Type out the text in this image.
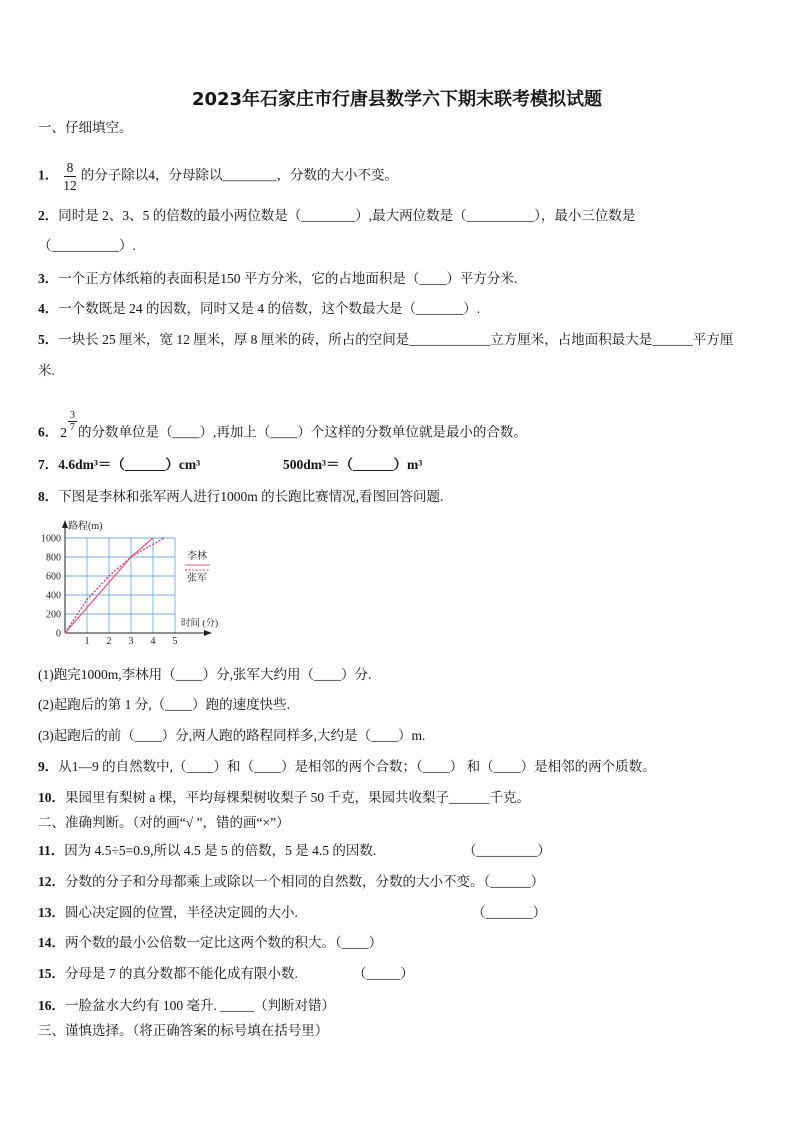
2023年石家庄市行唐县数学六下期末联考模拟试题
一、仔细填空。
1． $\frac{8}{12}$ 的分子除以4，分母除以________，分数的大小不变。
2．同时是 2、3、5 的倍数的最小两位数是（________）,最大两位数是（__________），最小三位数是
（__________）.
3．一个正方体纸箱的表面积是150 平方分米，它的占地面积是（____）平方分米.
4．一个数既是 24 的因数，同时又是 4 的倍数，这个数最大是（_______）.
5．一块长 25 厘米，宽 12 厘米，厚 8 厘米的砖，所占的空间是____________立方厘米，占地面积最大是______平方厘
米.
6． $2 \frac{3}{7}$ 的分数单位是（____）,再加上（____）个这样的分数单位就是最小的合数。
7．4.6dm³＝（______）cm³	500dm³＝（______）m³
8．下图是李林和张军两人进行1000m 的长跑比赛情况,看图回答问题.
0
200
400
600
800
1000
1 2 3 4 5
路程(m)
时间 (分)
李林
张军
(1)跑完1000m,李林用（____）分,张军大约用（____）分.
(2)起跑后的第 1 分,（____）跑的速度快些.
(3)起跑后的前（____）分,两人跑的路程同样多,大约是（____）m.
9．从1—9 的自然数中,（____）和（____）是相邻的两个合数；（____） 和（____）是相邻的两个质数。
10．果园里有梨树 a 棵，平均每棵梨树收梨子 50 千克，果园共收梨子______千克。
二、准确判断。（对的画“√ ”，错的画“×”）
11．因为 4.5÷5=0.9,所以 4.5 是 5 的倍数，5 是 4.5 的因数.	（_________）
12．分数的分子和分母都乘上或除以一个相同的自然数，分数的大小不变。（______）
13．圆心决定圆的位置，半径决定圆的大小.	（_______）
14．两个数的最小公倍数一定比这两个数的积大。（____）
15．分母是 7 的真分数都不能化成有限小数.	（_____）
16．一脸盆水大约有 100 毫升. _____（判断对错）
三、谨慎选择。（将正确答案的标号填在括号里）
